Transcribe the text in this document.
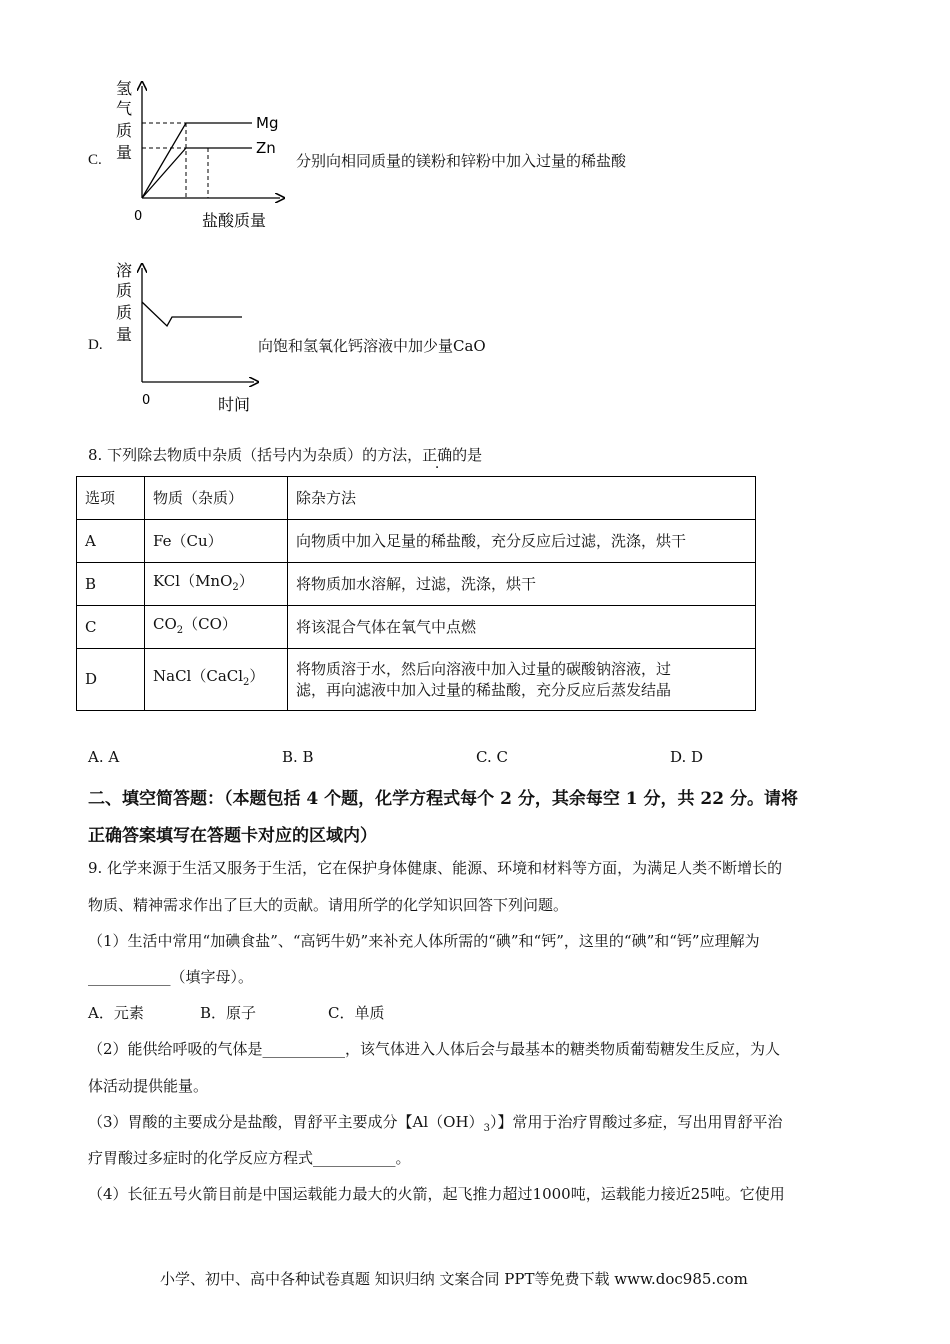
C.
氢
气
质
量
Mg
Zn
0	盐酸质量
分别向相同质量的镁粉和锌粉中加入过量的稀盐酸
D.
溶
质
质
量
0	时间
向饱和氢氧化钙溶液中加少量CaO
8. 下列除去物质中杂质（括号内为杂质）的方法，正确的是
选项	物质（杂质）	除杂方法
A	Fe（Cu）	向物质中加入足量的稀盐酸，充分反应后过滤，洗涤，烘干
B	KCl（MnO$_2$）	将物质加水溶解，过滤，洗涤，烘干
C	$CO_2(CO)$	将该混合气体在氧气中点燃
D	NaCl（CaCl$_2$）	将物质溶于水，然后向溶液中加入过量的碳酸钠溶液，过
滤，再向滤液中加入过量的稀盐酸，充分反应后蒸发结晶
A. A	B. B	C. C	D. D
二、填空简答题：（本题包括 4 个题，化学方程式每个 2 分，其余每空 1 分，共 22 分。请将
正确答案填写在答题卡对应的区域内）
9. 化学来源于生活又服务于生活，它在保护身体健康、能源、环境和材料等方面，为满足人类不断增长的
物质、精神需求作出了巨大的贡献。请用所学的化学知识回答下列问题。
（1）生活中常用“加碘食盐”、“高钙牛奶”来补充人体所需的“碘”和“钙”，这里的“碘”和“钙”应理解为
___________（填字母）。
A．元素	B．原子	C．单质
（2）能供给呼吸的气体是___________，该气体进入人体后会与最基本的糖类物质葡萄糖发生反应，为人
体活动提供能量。
（3）胃酸的主要成分是盐酸，胃舒平主要成分【$Al(OH)_3$）】常用于治疗胃酸过多症，写出用胃舒平治
疗胃酸过多症时的化学反应方程式___________。
（4）长征五号火箭目前是中国运载能力最大的火箭，起飞推力超过1000吨，运载能力接近25吨。它使用
小学、初中、高中各种试卷真题 知识归纳 文案合同 PPT等免费下载 www.doc985.com
